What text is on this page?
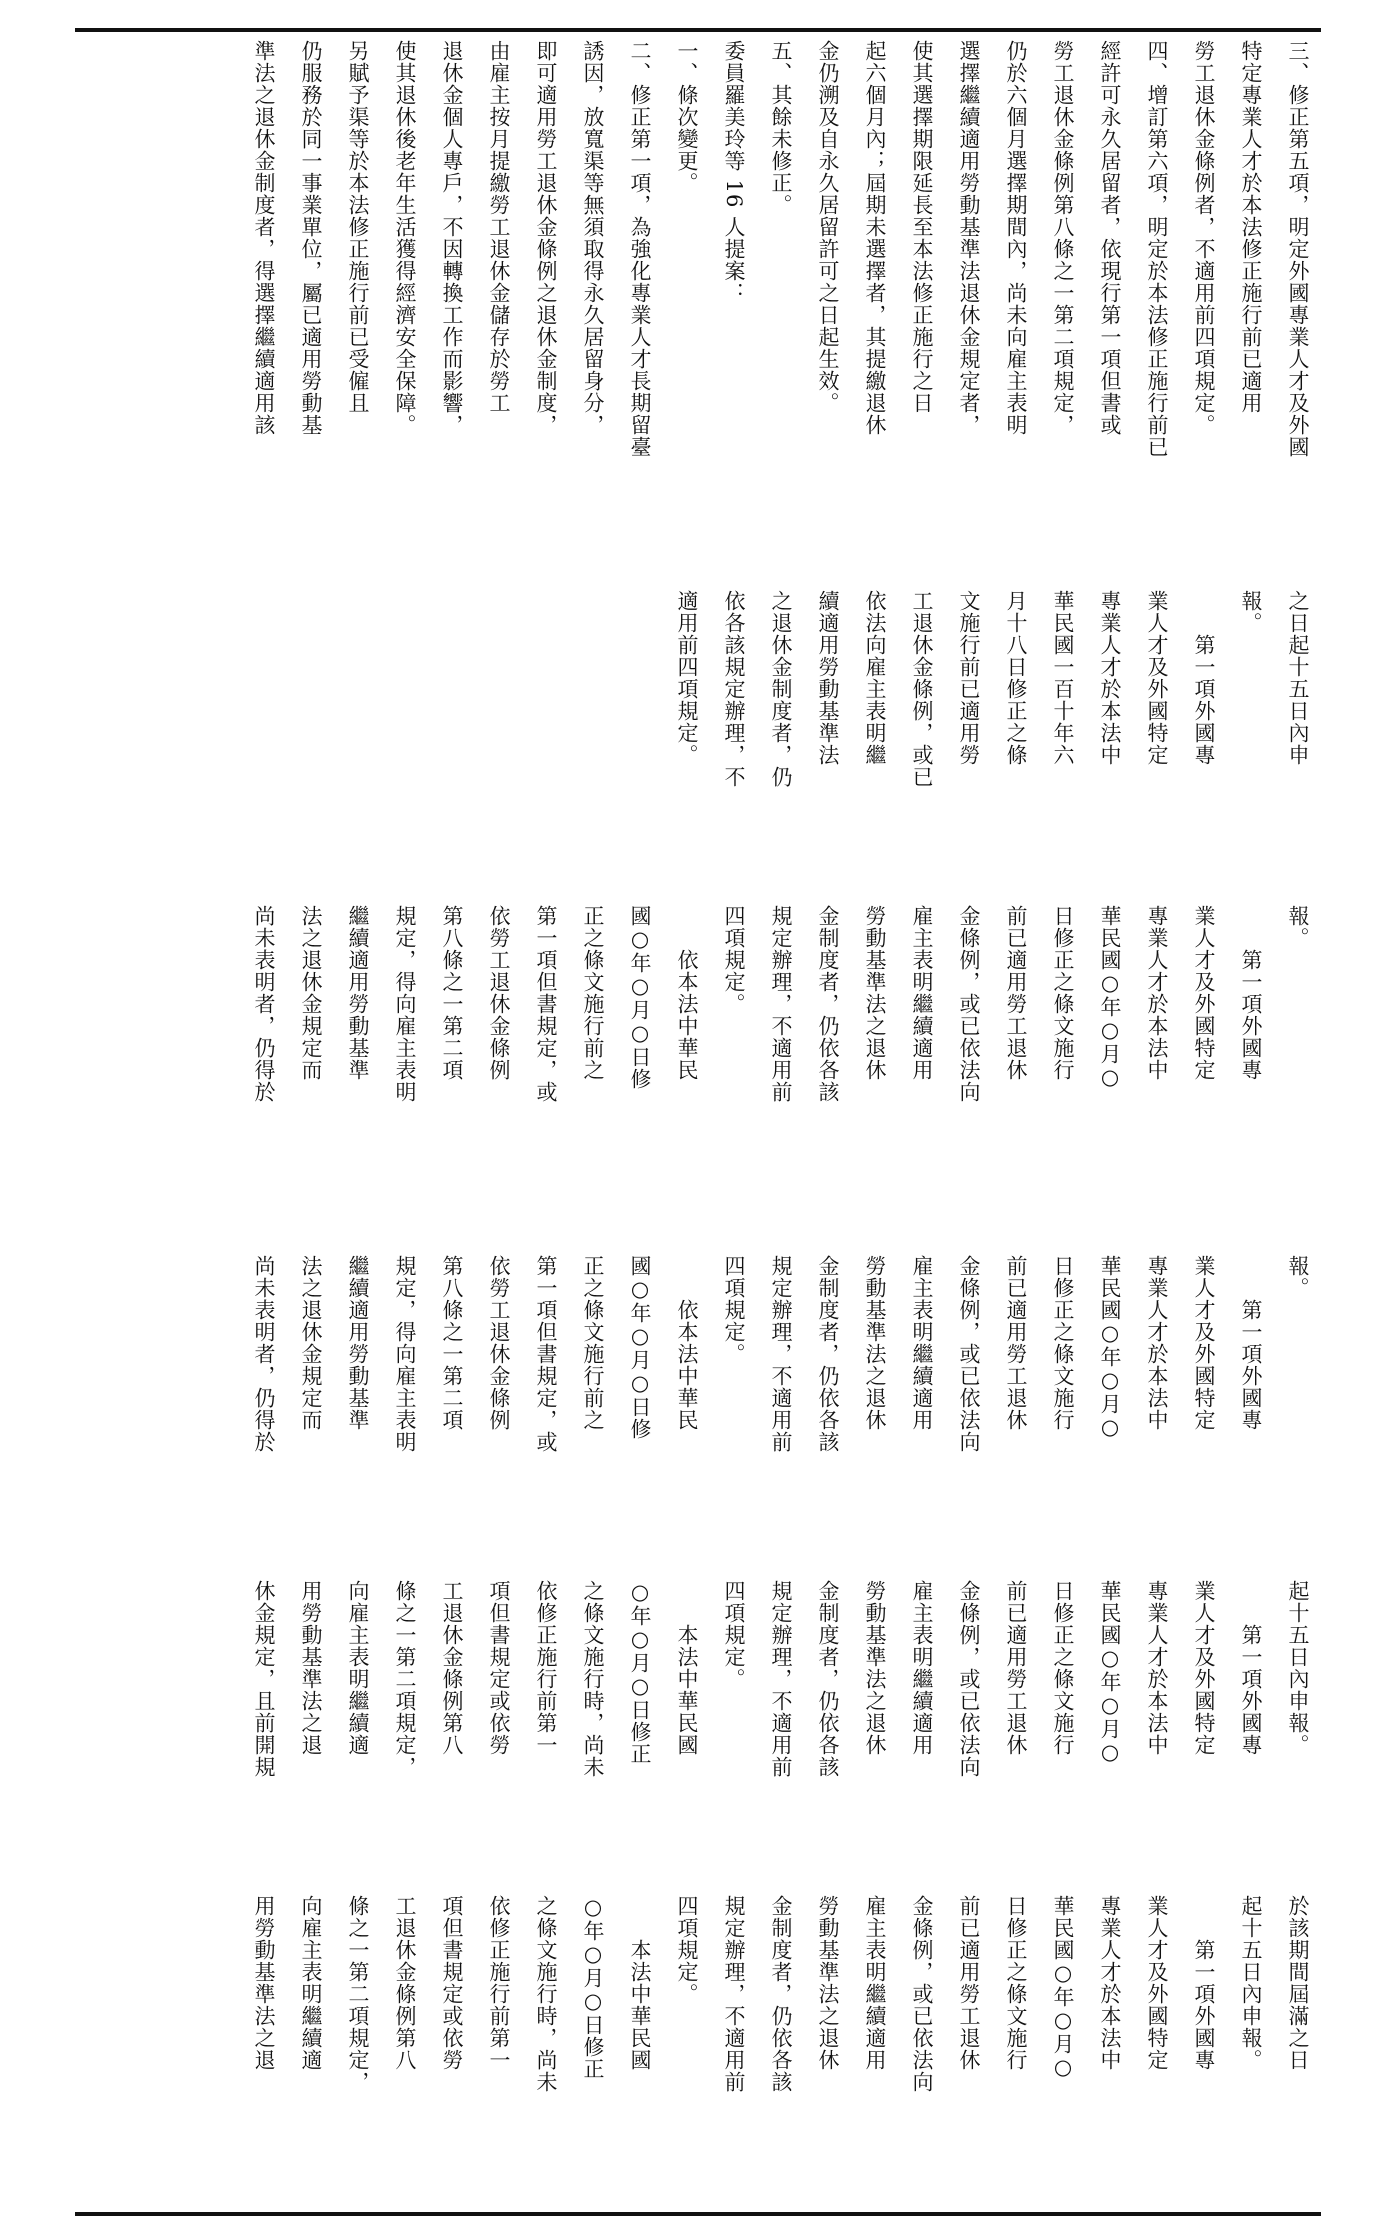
三、修正第五項，明定外國專業人才及外國
特定專業人才於本法修正施行前已適用
勞工退休金條例者，不適用前四項規定。
四、增訂第六項，明定於本法修正施行前已
經許可永久居留者，依現行第一項但書或
勞工退休金條例第八條之一第二項規定，
仍於六個月選擇期間內，尚未向雇主表明
選擇繼續適用勞動基準法退休金規定者，
使其選擇期限延長至本法修正施行之日
起六個月內；屆期未選擇者，其提繳退休
金仍溯及自永久居留許可之日起生效。
五、其餘未修正。
委員羅美玲等 16 人提案：
一、條次變更。
二、修正第一項，為強化專業人才長期留臺
誘因，放寬渠等無須取得永久居留身分，
即可適用勞工退休金條例之退休金制度，
由雇主按月提繳勞工退休金儲存於勞工
退休金個人專戶，不因轉換工作而影響，
使其退休後老年生活獲得經濟安全保障。
另賦予渠等於本法修正施行前已受僱且
仍服務於同一事業單位，屬已適用勞動基
準法之退休金制度者，得選擇繼續適用該
之日起十五日內申
報。
　　第一項外國專
業人才及外國特定
專業人才於本法中
華民國一百十年六
月十八日修正之條
文施行前已適用勞
工退休金條例，或已
依法向雇主表明繼
續適用勞動基準法
之退休金制度者，仍
依各該規定辦理，不
適用前四項規定。
報。
　　第一項外國專
業人才及外國特定
專業人才於本法中
華民國○年○月○
日修正之條文施行
前已適用勞工退休
金條例，或已依法向
雇主表明繼續適用
勞動基準法之退休
金制度者，仍依各該
規定辦理，不適用前
四項規定。
　　依本法中華民
國○年○月○日修
正之條文施行前之
第一項但書規定，或
依勞工退休金條例
第八條之一第二項
規定，得向雇主表明
繼續適用勞動基準
法之退休金規定而
尚未表明者，仍得於
報。
　　第一項外國專
業人才及外國特定
專業人才於本法中
華民國○年○月○
日修正之條文施行
前已適用勞工退休
金條例，或已依法向
雇主表明繼續適用
勞動基準法之退休
金制度者，仍依各該
規定辦理，不適用前
四項規定。
　　依本法中華民
國○年○月○日修
正之條文施行前之
第一項但書規定，或
依勞工退休金條例
第八條之一第二項
規定，得向雇主表明
繼續適用勞動基準
法之退休金規定而
尚未表明者，仍得於
起十五日內申報。
　　第一項外國專
業人才及外國特定
專業人才於本法中
華民國○年○月○
日修正之條文施行
前已適用勞工退休
金條例，或已依法向
雇主表明繼續適用
勞動基準法之退休
金制度者，仍依各該
規定辦理，不適用前
四項規定。
　　本法中華民國
○年○月○日修正
之條文施行時，尚未
依修正施行前第一
項但書規定或依勞
工退休金條例第八
條之一第二項規定，
向雇主表明繼續適
用勞動基準法之退
休金規定，且前開規
於該期間屆滿之日
起十五日內申報。
　　第一項外國專
業人才及外國特定
專業人才於本法中
華民國○年○月○
日修正之條文施行
前已適用勞工退休
金條例，或已依法向
雇主表明繼續適用
勞動基準法之退休
金制度者，仍依各該
規定辦理，不適用前
四項規定。
　　本法中華民國
○年○月○日修正
之條文施行時，尚未
依修正施行前第一
項但書規定或依勞
工退休金條例第八
條之一第二項規定，
向雇主表明繼續適
用勞動基準法之退
